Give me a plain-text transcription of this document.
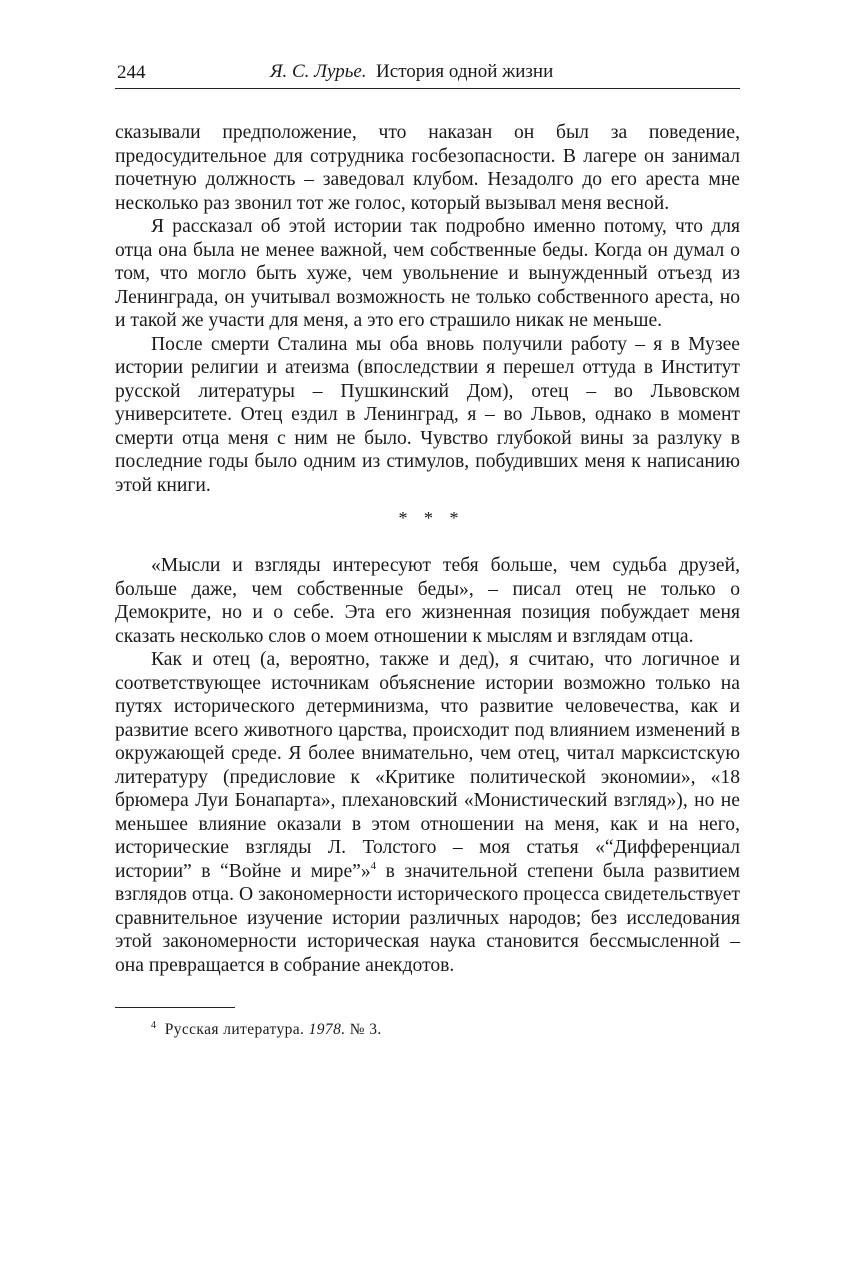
244	Я. С. Лурье. История одной жизни

сказывали предположение, что наказан он был за поведение, предосудительное для сотрудника госбезопасности. В лагере он занимал почетную должность – заведовал клубом. Незадолго до его ареста мне несколько раз звонил тот же голос, который вызывал меня весной.

Я рассказал об этой истории так подробно именно потому, что для отца она была не менее важной, чем собственные беды. Когда он думал о том, что могло быть хуже, чем увольнение и вынужденный отъезд из Ленинграда, он учитывал возможность не только собственного ареста, но и такой же участи для меня, а это его страшило никак не меньше.

После смерти Сталина мы оба вновь получили работу – я в Музее истории религии и атеизма (впоследствии я перешел оттуда в Институт русской литературы – Пушкинский Дом), отец – во Львовском университете. Отец ездил в Ленинград, я – во Львов, однако в момент смерти отца меня с ним не было. Чувство глубокой вины за разлуку в последние годы было одним из стимулов, побудивших меня к написанию этой книги.

* * *

«Мысли и взгляды интересуют тебя больше, чем судьба друзей, больше даже, чем собственные беды», – писал отец не только о Демокрите, но и о себе. Эта его жизненная позиция побуждает меня сказать несколько слов о моем отношении к мыслям и взглядам отца.

Как и отец (а, вероятно, также и дед), я считаю, что логичное и соответствующее источникам объяснение истории возможно только на путях исторического детерминизма, что развитие человечества, как и развитие всего животного царства, происходит под влиянием изменений в окружающей среде. Я более внимательно, чем отец, читал марксистскую литературу (предисловие к «Критике политической экономии», «18 брюмера Луи Бонапарта», плехановский «Монистический взгляд»), но не меньшее влияние оказали в этом отношении на меня, как и на него, исторические взгляды Л. Толстого – моя статья «“Дифференциал истории” в “Войне и мире”»$^4$ в значительной степени была развитием взглядов отца. О закономерности исторического процесса свидетельствует сравнительное изучение истории различных народов; без исследования этой закономерности историческая наука становится бессмысленной – она превращается в собрание анекдотов.

$^4$ Русская литература. 1978. № 3.
